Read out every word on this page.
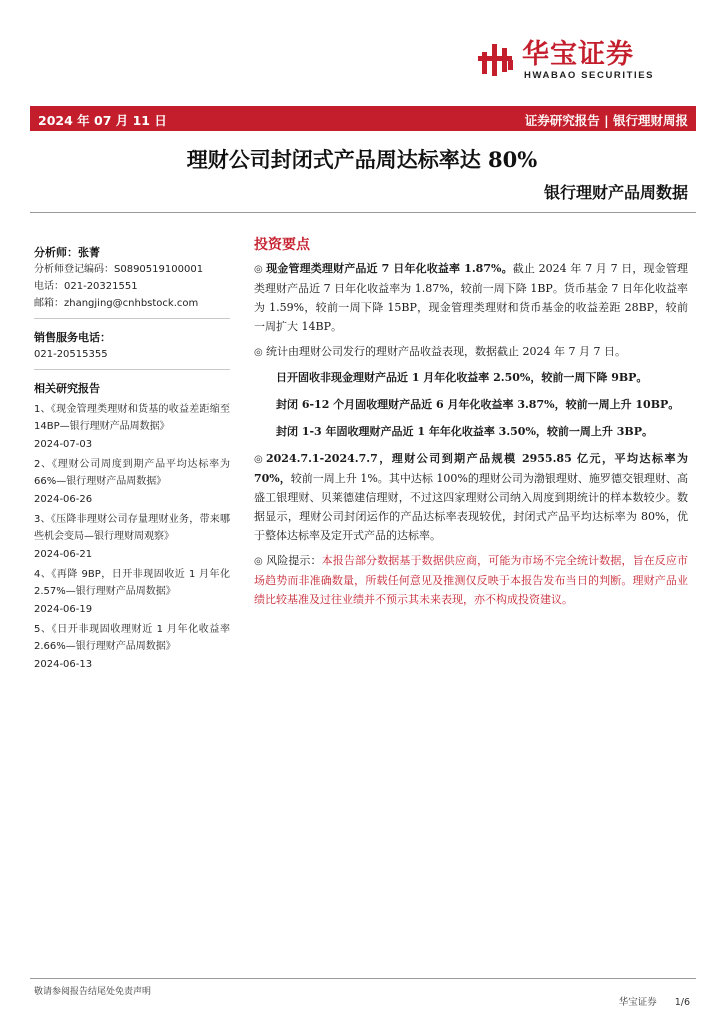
华宝证券
HWABAO SECURITIES
2024 年 07 月 11 日	证券研究报告 | 银行理财周报
理财公司封闭式产品周达标率达 80%
银行理财产品周数据
分析师：张菁
分析师登记编码：S0890519100001
电话：021-20321551
邮箱：zhangjing@cnhbstock.com
销售服务电话：
021-20515355
相关研究报告
1、《现金管理类理财和货基的收益差距缩至 14BP—银行理财产品周数据》
2024-07-03
2、《理财公司周度到期产品平均达标率为 66%—银行理财产品周数据》
2024-06-26
3、《压降非理财公司存量理财业务，带来哪些机会变局—银行理财周观察》
2024-06-21
4、《再降 9BP，日开非现固收近 1 月年化 2.57%—银行理财产品周数据》
2024-06-19
5、《日开非现固收理财近 1 月年化收益率 2.66%—银行理财产品周数据》
2024-06-13
投资要点
◎ 现金管理类理财产品近 7 日年化收益率 1.87%。截止 2024 年 7 月 7 日，现金管理类理财产品近 7 日年化收益率为 1.87%，较前一周下降 1BP。货币基金 7 日年化收益率为 1.59%，较前一周下降 15BP，现金管理类理财和货币基金的收益差距 28BP，较前一周扩大 14BP。
◎ 统计由理财公司发行的理财产品收益表现，数据截止 2024 年 7 月 7 日。
日开固收非现金理财产品近 1 月年化收益率 2.50%，较前一周下降 9BP。
封闭 6-12 个月固收理财产品近 6 月年化收益率 3.87%，较前一周上升 10BP。
封闭 1-3 年固收理财产品近 1 年年化收益率 3.50%，较前一周上升 3BP。
◎ 2024.7.1-2024.7.7，理财公司到期产品规模 2955.85 亿元，平均达标率为 70%，较前一周上升 1%。其中达标 100%的理财公司为渤银理财、施罗德交银理财、高盛工银理财、贝莱德建信理财，不过这四家理财公司纳入周度到期统计的样本数较少。数据显示，理财公司封闭运作的产品达标率表现较优，封闭式产品平均达标率为 80%，优于整体达标率及定开式产品的达标率。
◎ 风险提示：本报告部分数据基于数据供应商，可能为市场不完全统计数据，旨在反应市场趋势而非准确数量，所载任何意见及推测仅反映于本报告发布当日的判断。理财产品业绩比较基准及过往业绩并不预示其未来表现，亦不构成投资建议。
敬请参阅报告结尾处免责声明
华宝证券 1/6
